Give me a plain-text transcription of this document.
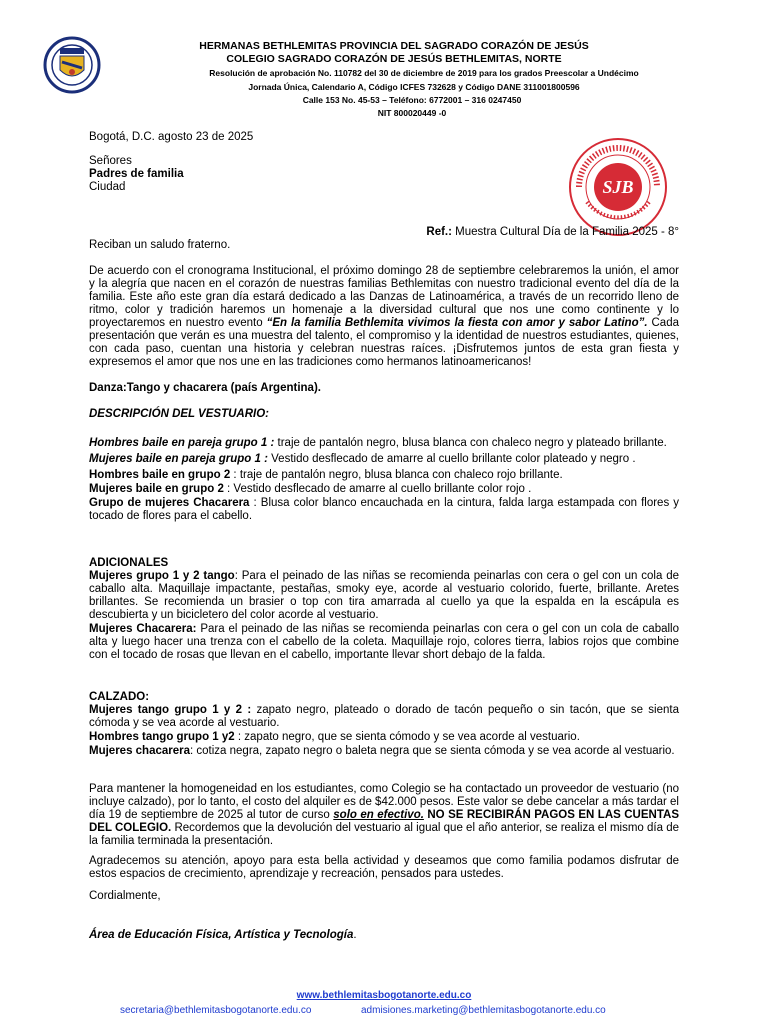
HERMANAS BETHLEMITAS PROVINCIA DEL SAGRADO CORAZÓN DE JESÚS
COLEGIO SAGRADO CORAZÓN DE JESÚS BETHLEMITAS, NORTE
Resolución de aprobación No. 110782 del 30 de diciembre de 2019 para los grados Preescolar a Undécimo
Jornada Única, Calendario A, Código ICFES 732628 y Código DANE 311001800596
Calle 153 No. 45-53 – Teléfono: 6772001 – 316 0247450
NIT 800020449 -0
SJB
Bogotá, D.C. agosto 23 de 2025

Señores

Padres de familia

Ciudad

Ref.: Muestra Cultural Día de la Familia 2025 - 8°
Reciban un saludo fraterno.
De acuerdo con el cronograma Institucional, el próximo domingo 28 de septiembre celebraremos la unión, el amor y la alegría que nacen en el corazón de nuestras familias Bethlemitas con nuestro tradicional evento del día de la familia. Este año este gran día estará dedicado a las Danzas de Latinoamérica, a través de un recorrido lleno de ritmo, color y tradición haremos un homenaje a la diversidad cultural que nos une como continente y lo proyectaremos en nuestro evento “En la familia Bethlemita vivimos la fiesta con amor y sabor Latino”. Cada presentación que verán es una muestra del talento, el compromiso y la identidad de nuestros estudiantes, quienes, con cada paso, cuentan una historia y celebran nuestras raíces. ¡Disfrutemos juntos de esta gran fiesta y expresemos el amor que nos une en las tradiciones como hermanos latinoamericanos!
Danza:Tango y chacarera (país Argentina).
DESCRIPCIÓN DEL VESTUARIO:

Hombres baile en pareja grupo 1 : traje de pantalón negro, blusa blanca con chaleco negro y plateado brillante.

Mujeres baile en pareja grupo 1 : Vestido desflecado de amarre al cuello brillante color plateado y negro .

Hombres baile en grupo 2 : traje de pantalón negro, blusa blanca con chaleco rojo brillante.

Mujeres baile en grupo 2 : Vestido desflecado de amarre al cuello brillante color rojo .

Grupo de mujeres Chacarera : Blusa color blanco encauchada en la cintura, falda larga estampada con flores y tocado de flores para el cabello.

ADICIONALES

Mujeres grupo 1 y 2 tango: Para el peinado de las niñas se recomienda peinarlas con cera o gel con un cola de caballo alta. Maquillaje impactante, pestañas, smoky eye, acorde al vestuario colorido, fuerte, brillante. Aretes brillantes. Se recomienda un brasier o top con tira amarrada al cuello ya que la espalda en la escápula es descubierta y un bicicletero del color acorde al vestuario.

Mujeres Chacarera: Para el peinado de las niñas se recomienda peinarlas con cera o gel con un cola de caballo alta y luego hacer una trenza con el cabello de la coleta. Maquillaje rojo, colores tierra, labios rojos que combine con el tocado de rosas que llevan en el cabello, importante llevar short debajo de la falda.

CALZADO:

Mujeres tango grupo 1 y 2 : zapato negro, plateado o dorado de tacón pequeño o sin tacón, que se sienta cómoda y se vea acorde al vestuario.

Hombres tango grupo 1 y2 : zapato negro, que se sienta cómodo y se vea acorde al vestuario.

Mujeres chacarera: cotiza negra, zapato negro o baleta negra que se sienta cómoda y se vea acorde al vestuario.

Para mantener la homogeneidad en los estudiantes, como Colegio se ha contactado un proveedor de vestuario (no incluye calzado), por lo tanto, el costo del alquiler es de $42.000 pesos. Este valor se debe cancelar a más tardar el día 19 de septiembre de 2025 al tutor de curso solo en efectivo. NO SE RECIBIRÁN PAGOS EN LAS CUENTAS DEL COLEGIO. Recordemos que la devolución del vestuario al igual que el año anterior, se realiza el mismo día de la familia terminada la presentación.
Agradecemos su atención, apoyo para esta bella actividad y deseamos que como familia podamos disfrutar de estos espacios de crecimiento, aprendizaje y recreación, pensados para ustedes.
Cordialmente,
Área de Educación Física, Artística y Tecnología.
www.bethlemitasbogotanorte.edu.co
secretaria@bethlemitasbogotanorte.edu.co	admisiones.marketing@bethlemitasbogotanorte.edu.co
